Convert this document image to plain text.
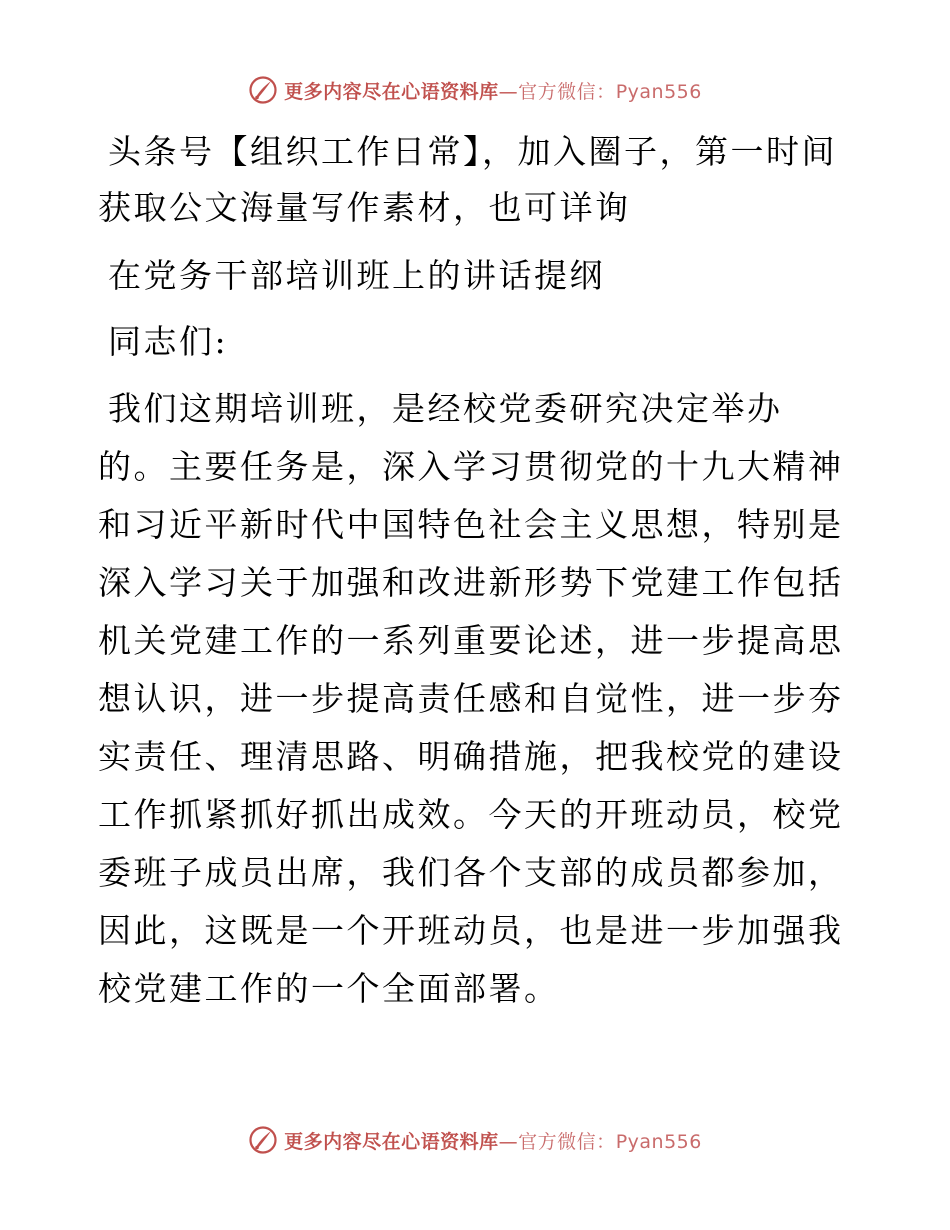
更多内容尽在心语资料库—官方微信：Pyan556

头条号【组织工作日常】，加入圈子，第一时间获取公文海量写作素材，也可详询

在党务干部培训班上的讲话提纲

同志们:

我们这期培训班，是经校党委研究决定举办的。主要任务是，深入学习贯彻党的十九大精神和习近平新时代中国特色社会主义思想，特别是深入学习关于加强和改进新形势下党建工作包括机关党建工作的一系列重要论述，进一步提高思想认识，进一步提高责任感和自觉性，进一步夯实责任、理清思路、明确措施，把我校党的建设工作抓紧抓好抓出成效。今天的开班动员，校党委班子成员出席，我们各个支部的成员都参加，因此，这既是一个开班动员，也是进一步加强我校党建工作的一个全面部署。

更多内容尽在心语资料库—官方微信：Pyan556
